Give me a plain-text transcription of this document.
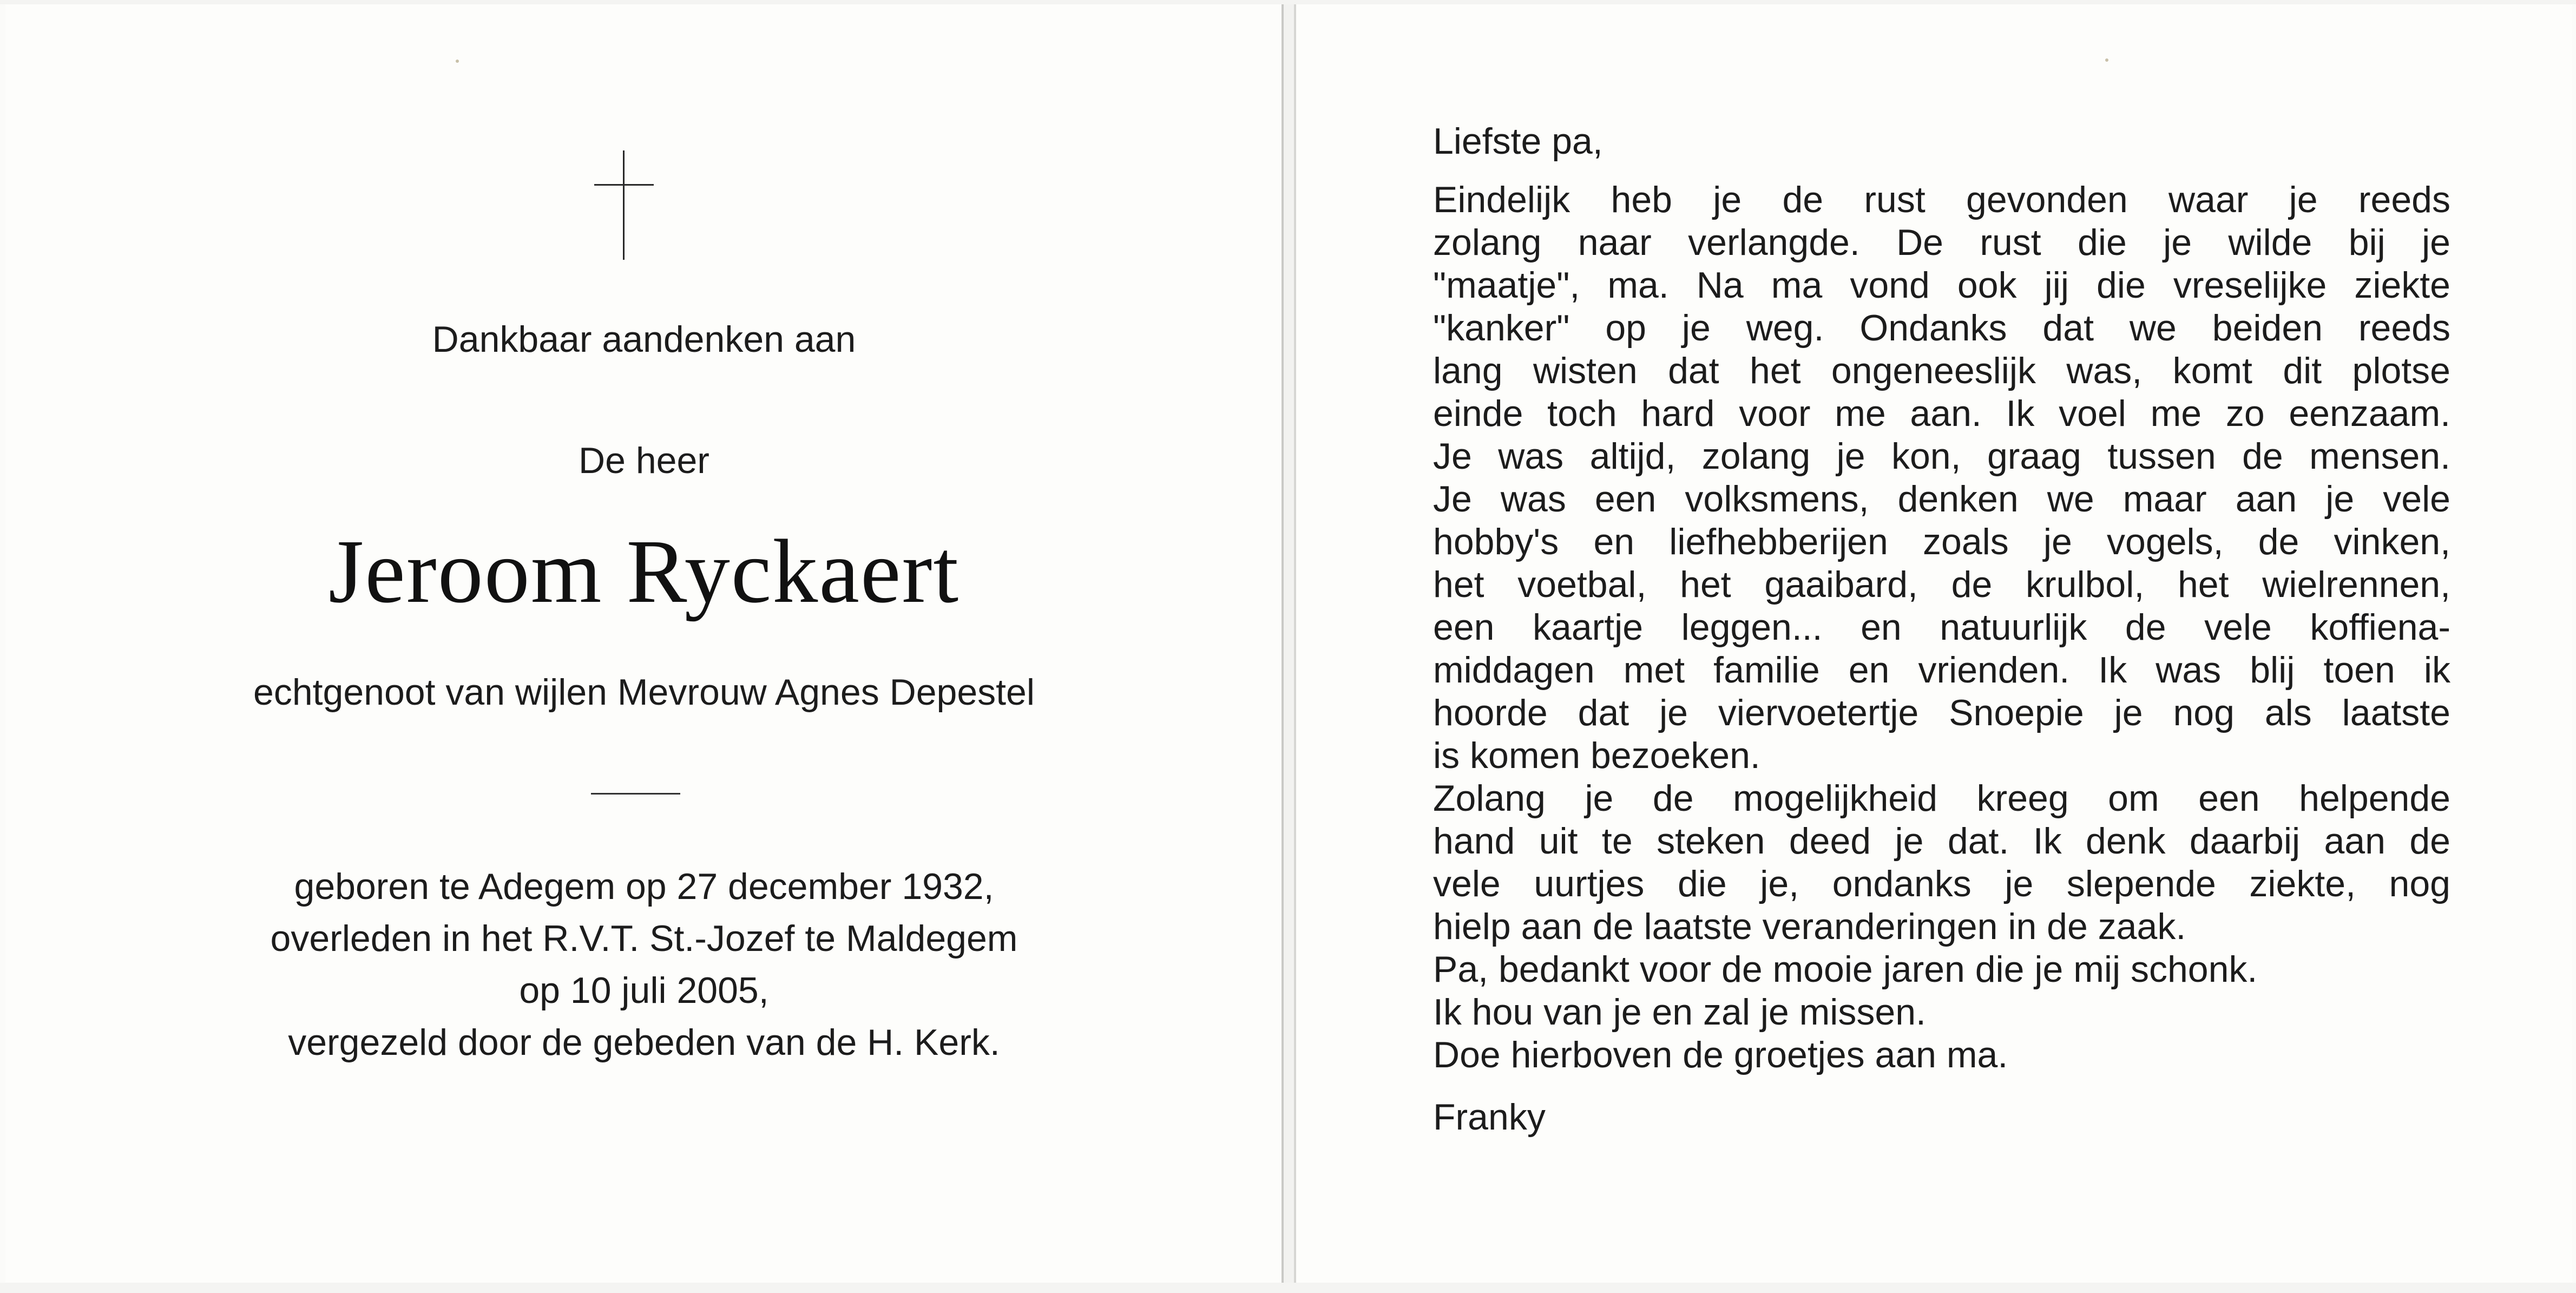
Dankbaar aandenken aan
De heer
Jeroom Ryckaert
echtgenoot van wijlen Mevrouw Agnes Depestel
geboren te Adegem op 27 december 1932,
overleden in het R.V.T. St.-Jozef te Maldegem
op 10 juli 2005,
vergezeld door de gebeden van de H. Kerk.
Liefste pa,
Eindelijk heb je de rust gevonden waar je reeds
zolang naar verlangde. De rust die je wilde bij je
"maatje", ma. Na ma vond ook jij die vreselijke ziekte
"kanker" op je weg. Ondanks dat we beiden reeds
lang wisten dat het ongeneeslijk was, komt dit plotse
einde toch hard voor me aan. Ik voel me zo eenzaam.
Je was altijd, zolang je kon, graag tussen de mensen.
Je was een volksmens, denken we maar aan je vele
hobby's en liefhebberijen zoals je vogels, de vinken,
het voetbal, het gaaibard, de krulbol, het wielrennen,
een kaartje leggen... en natuurlijk de vele koffiena-
middagen met familie en vrienden. Ik was blij toen ik
hoorde dat je viervoetertje Snoepie je nog als laatste
is komen bezoeken.
Zolang je de mogelijkheid kreeg om een helpende
hand uit te steken deed je dat. Ik denk daarbij aan de
vele uurtjes die je, ondanks je slepende ziekte, nog
hielp aan de laatste veranderingen in de zaak.
Pa, bedankt voor de mooie jaren die je mij schonk.
Ik hou van je en zal je missen.
Doe hierboven de groetjes aan ma.
Franky
